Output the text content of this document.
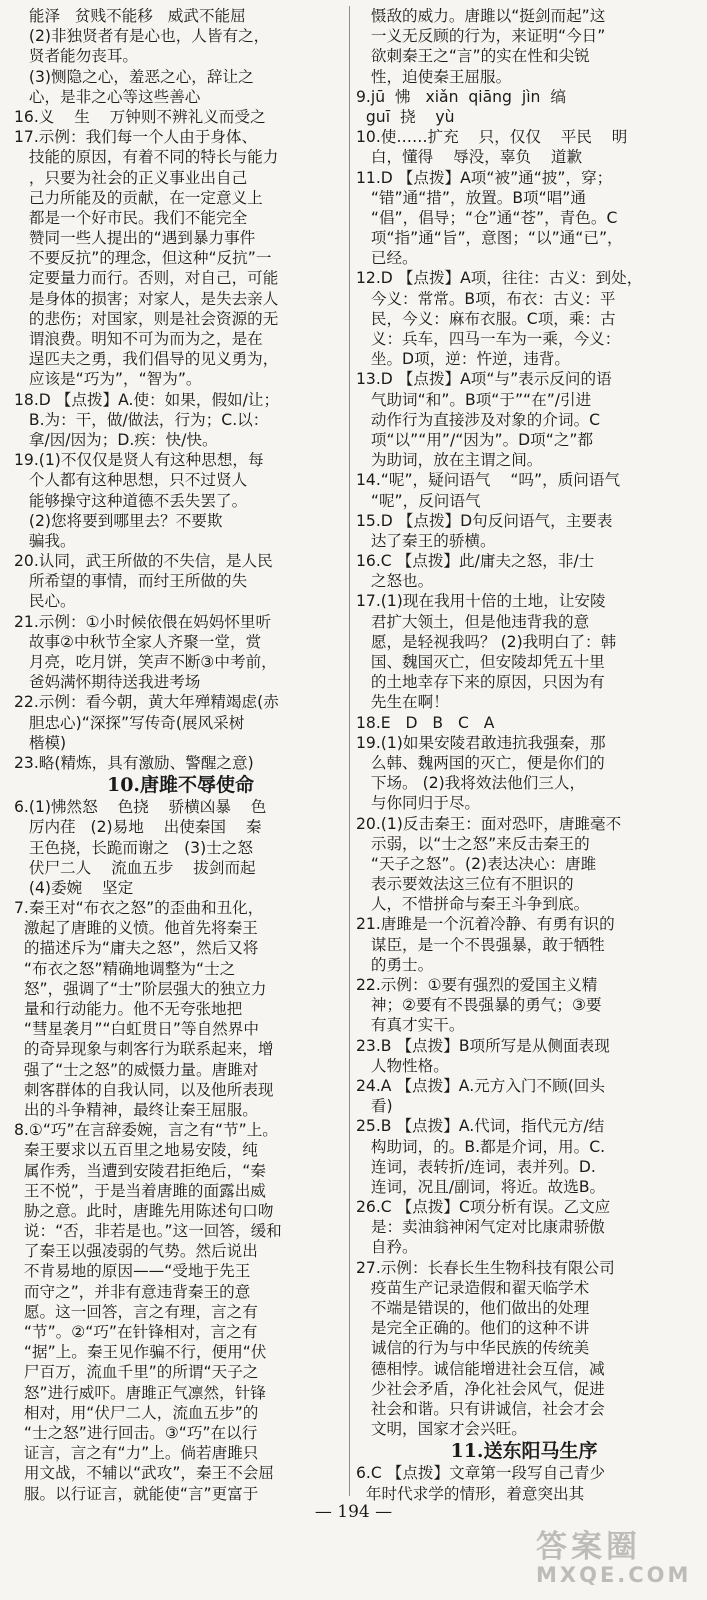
能泽   贫贱不能移   威武不能屈
(2)非独贤者有是心也，人皆有之，
贤者能勿丧耳。
(3)恻隐之心，羞恶之心，辞让之
心，是非之心等这些善心
16.义    生    万钟则不辨礼义而受之
17.示例：我们每一个人由于身体、
技能的原因，有着不同的特长与能力
，只要为社会的正义事业出自己
己力所能及的贡献，在一定意义上
都是一个好市民。我们不能完全
赞同一些人提出的“遇到暴力事件
不要反抗”的理念，但这种“反抗”一
定要量力而行。否则，对自己，可能
是身体的损害；对家人，是失去亲人
的悲伤；对国家，则是社会资源的无
谓浪费。明知不可为而为之，是在
逞匹夫之勇，我们倡导的见义勇为，
应该是“巧为”，“智为”。
18.D 【点拨】A.使：如果，假如/让；
B.为：干，做/做法，行为；C.以：
拿/因/因为；D.疾：快/快。
19.(1)不仅仅是贤人有这种思想，每
个人都有这种思想，只不过贤人
能够操守这种道德不丢失罢了。
(2)您将要到哪里去？不要欺
骗我。
20.认同，武王所做的不失信，是人民
所希望的事情，而纣王所做的失
民心。
21.示例：①小时候依偎在妈妈怀里听
故事②中秋节全家人齐聚一堂，赏
月亮，吃月饼，笑声不断③中考前，
爸妈满怀期待送我进考场
22.示例：看今朝，黄大年殚精竭虑(赤
胆忠心)“深探”写传奇(展风采树
楷模)
23.略(精炼，具有激励、警醒之意)
10.唐雎不辱使命
6.(1)怫然怒    色挠    骄横凶暴    色
厉内荏   (2)易地    出使秦国    秦
王色挠，长跪而谢之   (3)士之怒
伏尸二人    流血五步    拔剑而起
(4)委婉    坚定
7.秦王对“布衣之怒”的歪曲和丑化，
激起了唐雎的义愤。他首先将秦王
的描述斥为“庸夫之怒”，然后又将
“布衣之怒”精确地调整为“士之
怒”，强调了“士”阶层强大的独立力
量和行动能力。他不无夸张地把
“彗星袭月”“白虹贯日”等自然界中
的奇异现象与刺客行为联系起来，增
强了“士之怒”的威慑力量。唐雎对
刺客群体的自我认同，以及他所表现
出的斗争精神，最终让秦王屈服。
8.①“巧”在言辞委婉，言之有“节”上。
秦王要求以五百里之地易安陵，纯
属作秀，当遭到安陵君拒绝后，“秦
王不悦”，于是当着唐雎的面露出威
胁之意。此时，唐雎先用陈述句口吻
说：“否，非若是也。”这一回答，缓和
了秦王以强凌弱的气势。然后说出
不肯易地的原因——“受地于先王
而守之”，并非有意违背秦王的意
愿。这一回答，言之有理，言之有
“节”。②“巧”在针锋相对，言之有
“据”上。秦王见作骗不行，便用“伏
尸百万，流血千里”的所谓“天子之
怒”进行威吓。唐雎正气凛然，针锋
相对，用“伏尸二人，流血五步”的
“士之怒”进行回击。③“巧”在以行
证言，言之有“力”上。倘若唐雎只
用文战，不辅以“武攻”，秦王不会屈
服。以行证言，就能使“言”更富于
慑敌的威力。唐雎以“挺剑而起”这
一义无反顾的行为，来证明“今日”
欲刺秦王之“言”的实在性和尖锐
性，迫使秦王屈服。
9.jū  怫   xiǎn  qiāng  jìn  缟
guī  挠    yù
10.使……扩充    只，仅仅    平民    明
白，懂得    辱没，辜负    道歉
11.D 【点拨】A项“被”通“披”，穿；
“错”通“措”，放置。B项“唱”通
“倡”，倡导；“仓”通“苍”，青色。C
项“指”通“旨”，意图；“以”通“已”，
已经。
12.D 【点拨】A项，往往：古义：到处，
今义：常常。B项，布衣：古义：平
民，今义：麻布衣服。C项，乘：古
义：兵车，四马一车为一乘，今义：
坐。D项，逆：忤逆，违背。
13.D 【点拨】A项“与”表示反问的语
气助词“和”。B项“于”“在”/引进
动作行为直接涉及对象的介词。C
项“以”“用”/“因为”。D项“之”都
为助词，放在主谓之间。
14.“呢”，疑问语气    “吗”，质问语气
“呢”，反问语气
15.D 【点拨】D句反问语气，主要表
达了秦王的骄横。
16.C 【点拨】此/庸夫之怒，非/士
之怒也。
17.(1)现在我用十倍的土地，让安陵
君扩大领土，但是他违背我的意
愿，是轻视我吗？ (2)我明白了：韩
国、魏国灭亡，但安陵却凭五十里
的土地幸存下来的原因，只因为有
先生在啊！
18.E   D   B   C   A
19.(1)如果安陵君敢违抗我强秦，那
么韩、魏两国的灭亡，便是你们的
下场。 (2)我将效法他们三人，
与你同归于尽。
20.(1)反击秦王：面对恐吓，唐雎毫不
示弱，以“士之怒”来反击秦王的
“天子之怒”。(2)表达决心：唐雎
表示要效法这三位有不胆识的
人，不惜拼命与秦王斗争到底。
21.唐雎是一个沉着冷静、有勇有识的
谋臣，是一个不畏强暴，敢于牺牲
的勇士。
22.示例：①要有强烈的爱国主义精
神；②要有不畏强暴的勇气；③要
有真才实干。
23.B 【点拨】B项所写是从侧面表现
人物性格。
24.A 【点拨】A.元方入门不顾(回头
看)
25.B 【点拨】A.代词，指代元方/结
构助词，的。B.都是介词，用。C.
连词，表转折/连词，表并列。D.
连词，况且/副词，将近。故选B。
26.C 【点拨】C项分析有误。乙文应
是：卖油翁神闲气定对比康肃骄傲
自矜。
27.示例：长春长生生物科技有限公司
疫苗生产记录造假和翟天临学术
不端是错误的，他们做出的处理
是完全正确的。他们的这种不讲
诚信的行为与中华民族的传统美
德相悖。诚信能增进社会互信，减
少社会矛盾，净化社会风气，促进
社会和谐。只有讲诚信，社会才会
文明，国家才会兴旺。
11.送东阳马生序
6.C 【点拨】文章第一段写自己青少
年时代求学的情形，着意突出其
— 194 —
答案圈
MXQE.COM
